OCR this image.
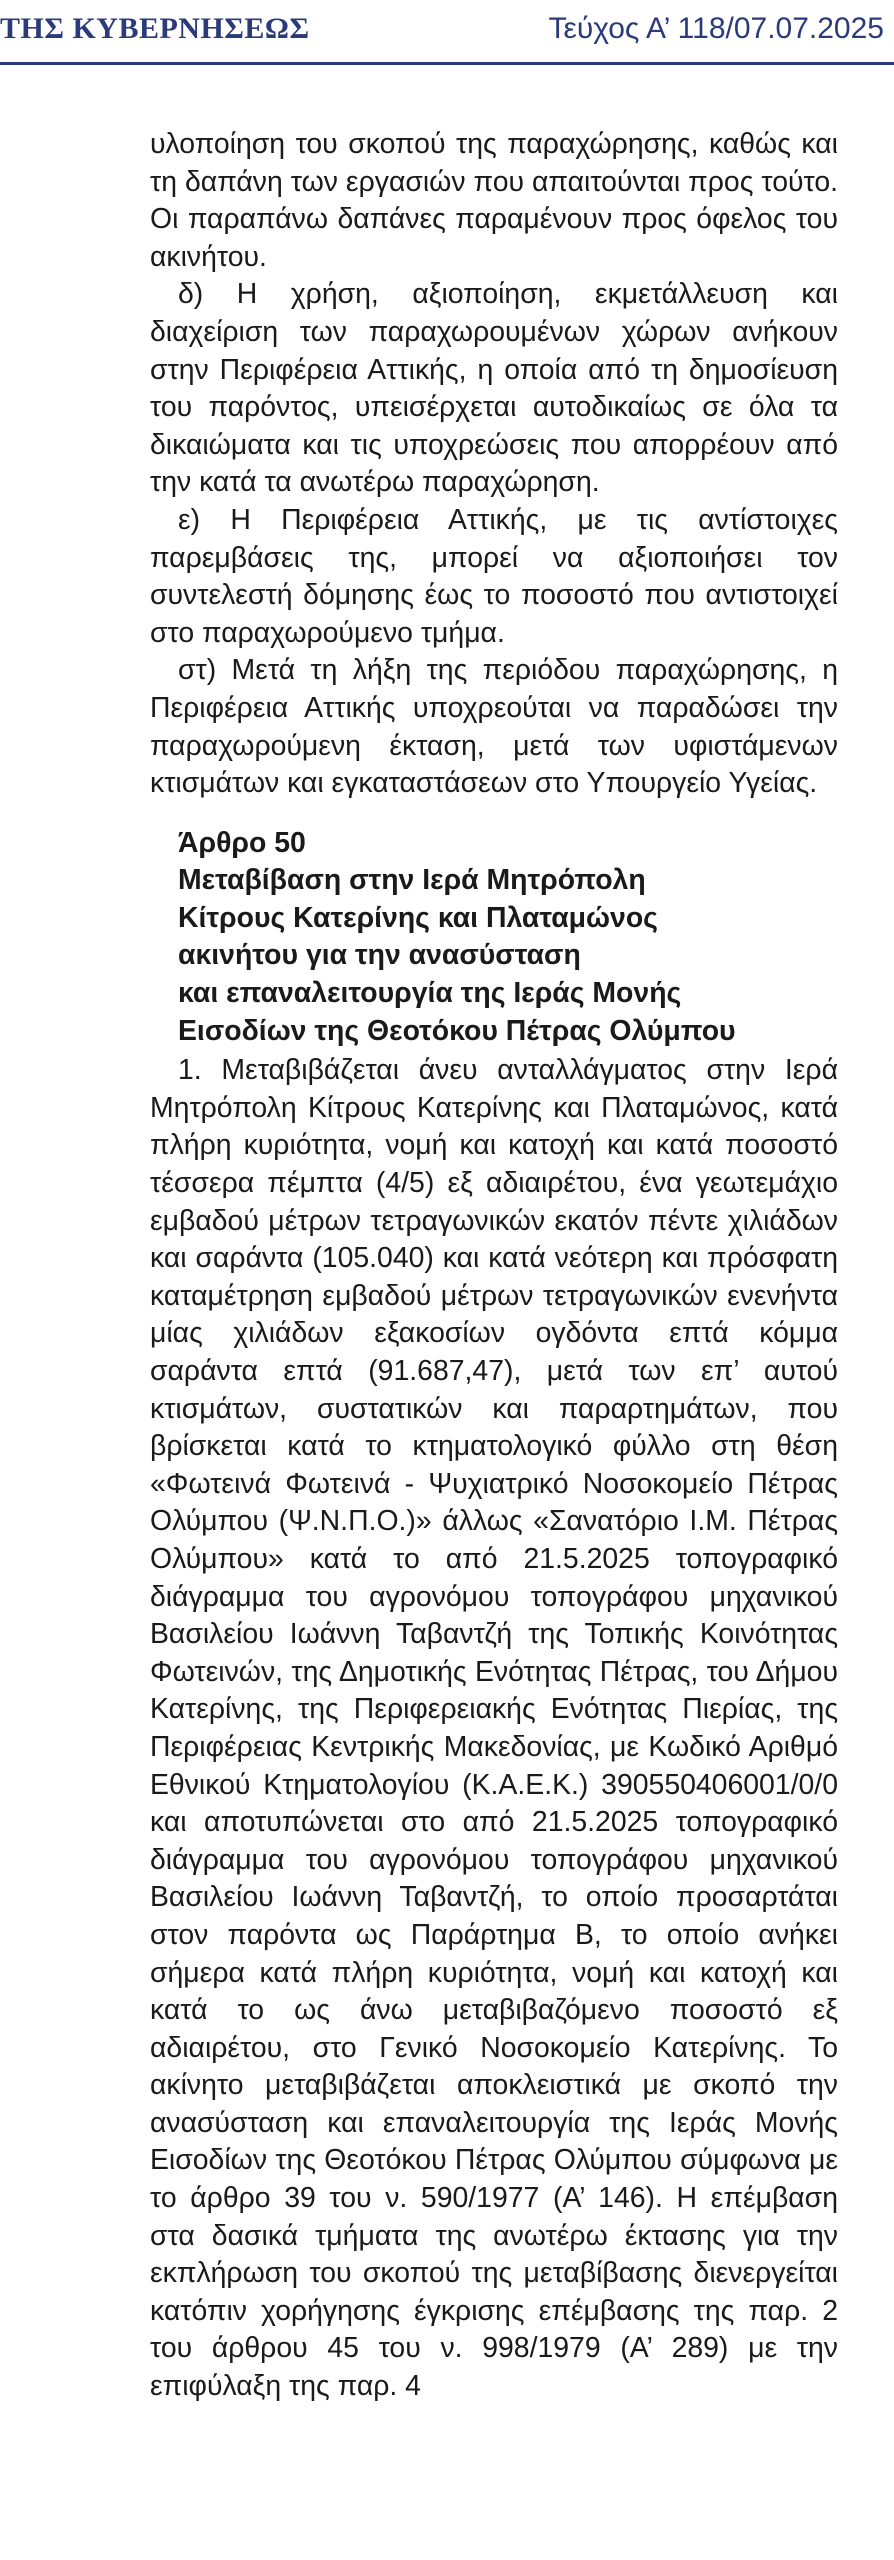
ΤΗΣ ΚΥΒΕΡΝΗΣΕΩΣ	Τεύχος Α’ 118/07.07.2025

υλοποίηση του σκοπού της παραχώρησης, καθώς και τη δαπάνη των εργασιών που απαιτούνται προς τούτο. Οι παραπάνω δαπάνες παραμένουν προς όφελος του ακινήτου.

δ) Η χρήση, αξιοποίηση, εκμετάλλευση και διαχείριση των παραχωρουμένων χώρων ανήκουν στην Περιφέρεια Αττικής, η οποία από τη δημοσίευση του παρόντος, υπεισέρχεται αυτοδικαίως σε όλα τα δικαιώματα και τις υποχρεώσεις που απορρέουν από την κατά τα ανωτέρω παραχώρηση.

ε) Η Περιφέρεια Αττικής, με τις αντίστοιχες παρεμβάσεις της, μπορεί να αξιοποιήσει τον συντελεστή δόμησης έως το ποσοστό που αντιστοιχεί στο παραχωρούμενο τμήμα.

στ) Μετά τη λήξη της περιόδου παραχώρησης, η Περιφέρεια Αττικής υποχρεούται να παραδώσει την παραχωρούμενη έκταση, μετά των υφιστάμενων κτισμάτων και εγκαταστάσεων στο Υπουργείο Υγείας.

Άρθρο 50
Μεταβίβαση στην Ιερά Μητρόπολη
Κίτρους Κατερίνης και Πλαταμώνος
ακινήτου για την ανασύσταση
και επαναλειτουργία της Ιεράς Μονής
Εισοδίων της Θεοτόκου Πέτρας Ολύμπου

1. Μεταβιβάζεται άνευ ανταλλάγματος στην Ιερά Μητρόπολη Κίτρους Κατερίνης και Πλαταμώνος, κατά πλήρη κυριότητα, νομή και κατοχή και κατά ποσοστό τέσσερα πέμπτα (4/5) εξ αδιαιρέτου, ένα γεωτεμάχιο εμβαδού μέτρων τετραγωνικών εκατόν πέντε χιλιάδων και σαράντα (105.040) και κατά νεότερη και πρόσφατη καταμέτρηση εμβαδού μέτρων τετραγωνικών ενενήντα μίας χιλιάδων εξακοσίων ογδόντα επτά κόμμα σαράντα επτά (91.687,47), μετά των επ’ αυτού κτισμάτων, συστατικών και παραρτημάτων, που βρίσκεται κατά το κτηματολογικό φύλλο στη θέση «Φωτεινά Φωτεινά - Ψυχιατρικό Νοσοκομείο Πέτρας Ολύμπου (Ψ.Ν.Π.Ο.)» άλλως «Σανατόριο Ι.Μ. Πέτρας Ολύμπου» κατά το από 21.5.2025 τοπογραφικό διάγραμμα του αγρονόμου τοπογράφου μηχανικού Βασιλείου Ιωάννη Ταβαντζή της Τοπικής Κοινότητας Φωτεινών, της Δημοτικής Ενότητας Πέτρας, του Δήμου Κατερίνης, της Περιφερειακής Ενότητας Πιερίας, της Περιφέρειας Κεντρικής Μακεδονίας, με Κωδικό Αριθμό Εθνικού Κτηματολογίου (Κ.Α.Ε.Κ.) 390550406001/0/0 και αποτυπώνεται στο από 21.5.2025 τοπογραφικό διάγραμμα του αγρονόμου τοπογράφου μηχανικού Βασιλείου Ιωάννη Ταβαντζή, το οποίο προσαρτάται στον παρόντα ως Παράρτημα Β, το οποίο ανήκει σήμερα κατά πλήρη κυριότητα, νομή και κατοχή και κατά το ως άνω μεταβιβαζόμενο ποσοστό εξ αδιαιρέτου, στο Γενικό Νοσοκομείο Κατερίνης. Το ακίνητο μεταβιβάζεται αποκλειστικά με σκοπό την ανασύσταση και επαναλειτουργία της Ιεράς Μονής Εισοδίων της Θεοτόκου Πέτρας Ολύμπου σύμφωνα με το άρθρο 39 του ν. 590/1977 (Α’ 146). Η επέμβαση στα δασικά τμήματα της ανωτέρω έκτασης για την εκπλήρωση του σκοπού της μεταβίβασης διενεργείται κατόπιν χορήγησης έγκρισης επέμβασης της παρ. 2 του άρθρου 45 του ν. 998/1979 (Α’ 289) με την επιφύλαξη της παρ. 4
